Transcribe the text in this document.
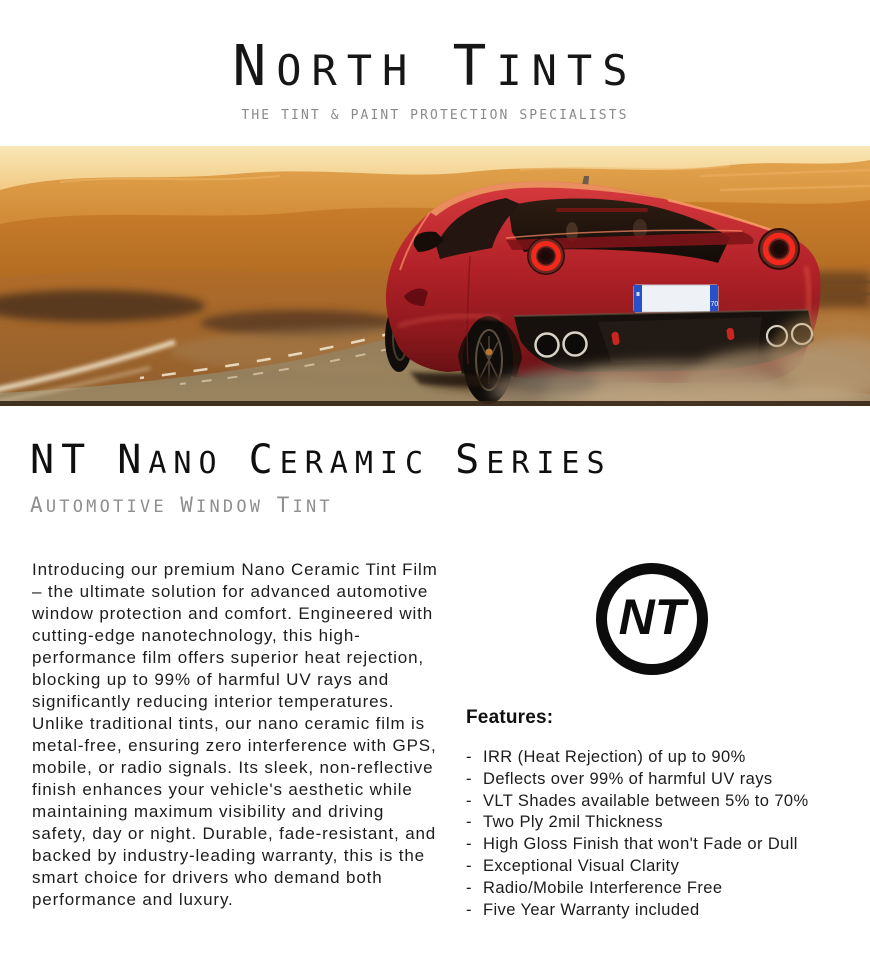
NORTH TINTS
THE TINT & PAINT PROTECTION SPECIALISTS
70
NT NANO CERAMIC SERIES
AUTOMOTIVE WINDOW TINT

Introducing our premium Nano Ceramic Tint Film – the ultimate solution for advanced automotive window protection and comfort. Engineered with cutting-edge nanotechnology, this high-performance film offers superior heat rejection, blocking up to 99% of harmful UV rays and significantly reducing interior temperatures. Unlike traditional tints, our nano ceramic film is metal-free, ensuring zero interference with GPS, mobile, or radio signals. Its sleek, non-reflective finish enhances your vehicle's aesthetic while maintaining maximum visibility and driving safety, day or night. Durable, fade-resistant, and backed by industry-leading warranty, this is the smart choice for drivers who demand both performance and luxury.

NT
Features:
- IRR (Heat Rejection) of up to 90%
- Deflects over 99% of harmful UV rays
- VLT Shades available between 5% to 70%
- Two Ply 2mil Thickness
- High Gloss Finish that won't Fade or Dull
- Exceptional Visual Clarity
- Radio/Mobile Interference Free
- Five Year Warranty included
